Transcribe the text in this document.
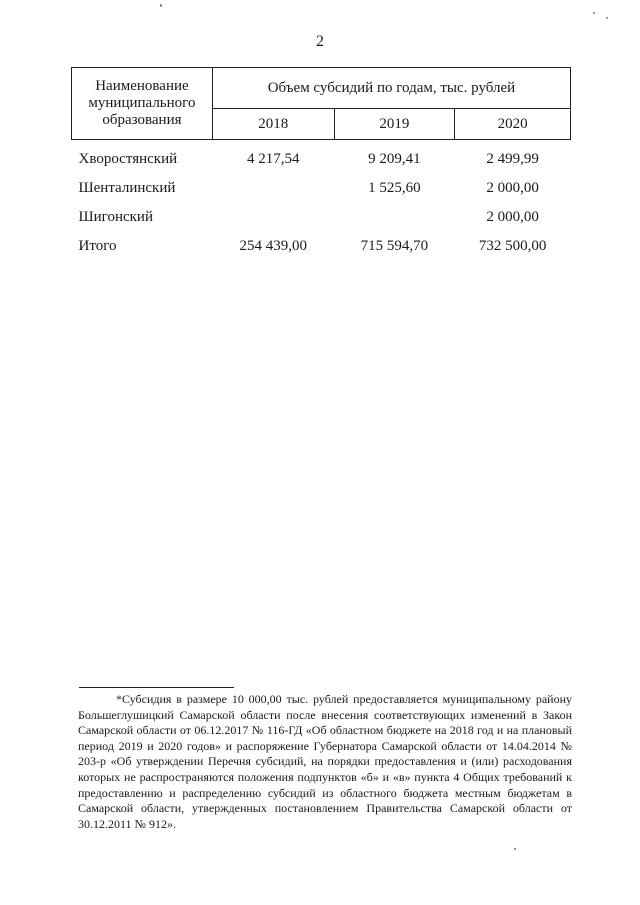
2
Наименование муниципального образования	Объем субсидий по годам, тыс. рублей		
	2018	2019	2020

Хворостянский	4 217,54	9 209,41	2 499,99
Шенталинский		1 525,60	2 000,00
Шигонский			2 000,00
Итого	254 439,00	715 594,70	732 500,00

*Субсидия в размере 10 000,00 тыс. рублей предоставляется муниципальному району Большеглушицкий Самарской области после внесения соответствующих изменений в Закон Самарской области от 06.12.2017 № 116-ГД «Об областном бюджете на 2018 год и на плановый период 2019 и 2020 годов» и распоряжение Губернатора Самарской области от 14.04.2014 № 203-р «Об утверждении Перечня субсидий, на порядки предоставления и (или) расходования которых не распространяются положения подпунктов «б» и «в» пункта 4 Общих требований к предоставлению и распределению субсидий из областного бюджета местным бюджетам в Самарской области, утвержденных постановлением Правительства Самарской области от 30.12.2011 № 912».
